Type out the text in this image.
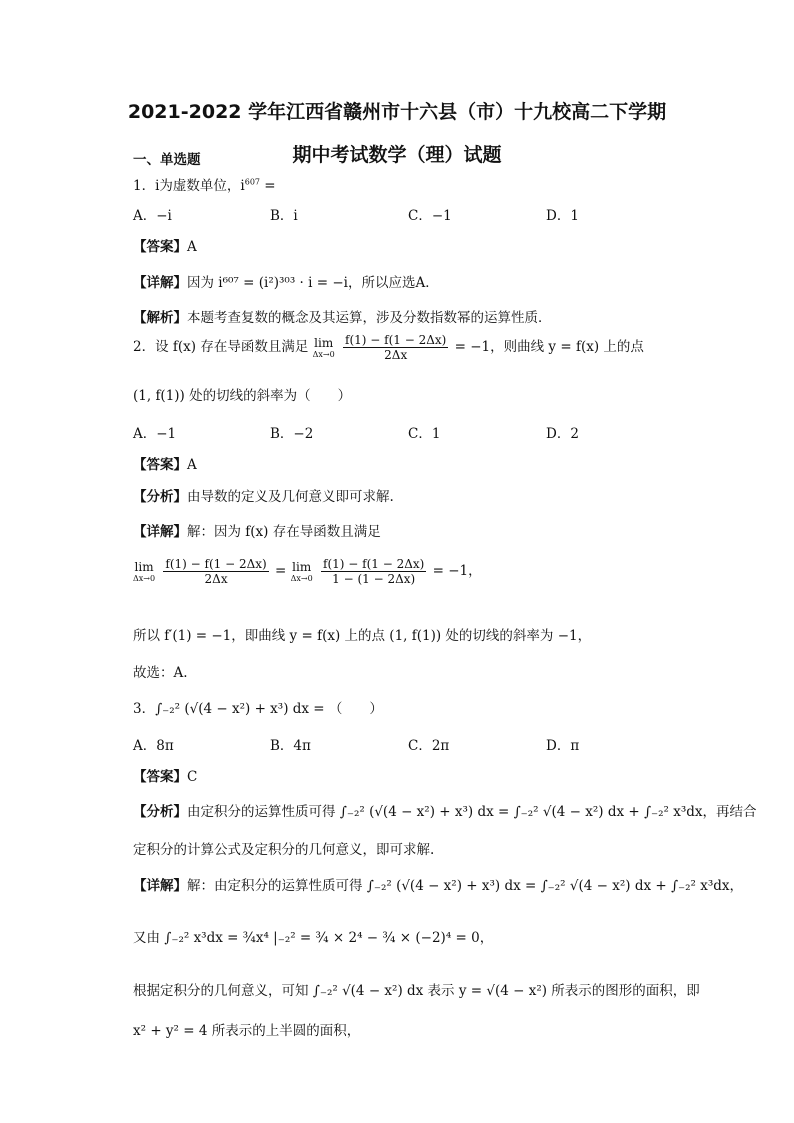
2021-2022 学年江西省赣州市十六县（市）十九校高二下学期
期中考试数学（理）试题
一、单选题
1．i为虚数单位，$i^{607}$ =
A．−i	B．i	C．−1	D．1
【答案】A
【详解】因为 i⁶⁰⁷ = (i²)³⁰³ · i = −i，所以应选A．
【解析】本题考查复数的概念及其运算，涉及分数指数幂的运算性质．
2．设 f(x) 存在导函数且满足 lim
Δx→0
$\frac{f(1) - f(1 - 2\Delta x)}{2\Delta x} = -1$，则曲线 y = f(x) 上的点
(1, f(1)) 处的切线的斜率为（　　）
A．−1	B．−2	C．1	D．2
【答案】A
【分析】由导数的定义及几何意义即可求解.
【详解】解：因为 f(x) 存在导函数且满足
lim
Δx→0
$\frac{f(1) - f(1 - 2\Delta x)}{2\Delta x} = \lim$
Δx→0
$\frac{f(1) - f(1 - 2\Delta x)}{1 - (1 - 2\Delta x)} = -1$，
所以 f′(1) = −1，即曲线 y = f(x) 上的点 (1, f(1)) 处的切线的斜率为 −1，
故选：A.
3．∫₋₂² (√(4 − x²) + x³) dx = （　　）
A．8π	B．4π	C．2π	D．π
【答案】C
【分析】由定积分的运算性质可得 ∫₋₂² (√(4 − x²) + x³) dx = ∫₋₂² √(4 − x²) dx + ∫₋₂² x³dx，再结合
定积分的计算公式及定积分的几何意义，即可求解.
【详解】解：由定积分的运算性质可得 ∫₋₂² (√(4 − x²) + x³) dx = ∫₋₂² √(4 − x²) dx + ∫₋₂² x³dx，
又由 ∫₋₂² x³dx = ¾x⁴ |₋₂² = ¾ × 2⁴ − ¾ × (−2)⁴ = 0，
根据定积分的几何意义，可知 ∫₋₂² √(4 − x²) dx 表示 y = √(4 − x²) 所表示的图形的面积，即
x² + y² = 4 所表示的上半圆的面积，
